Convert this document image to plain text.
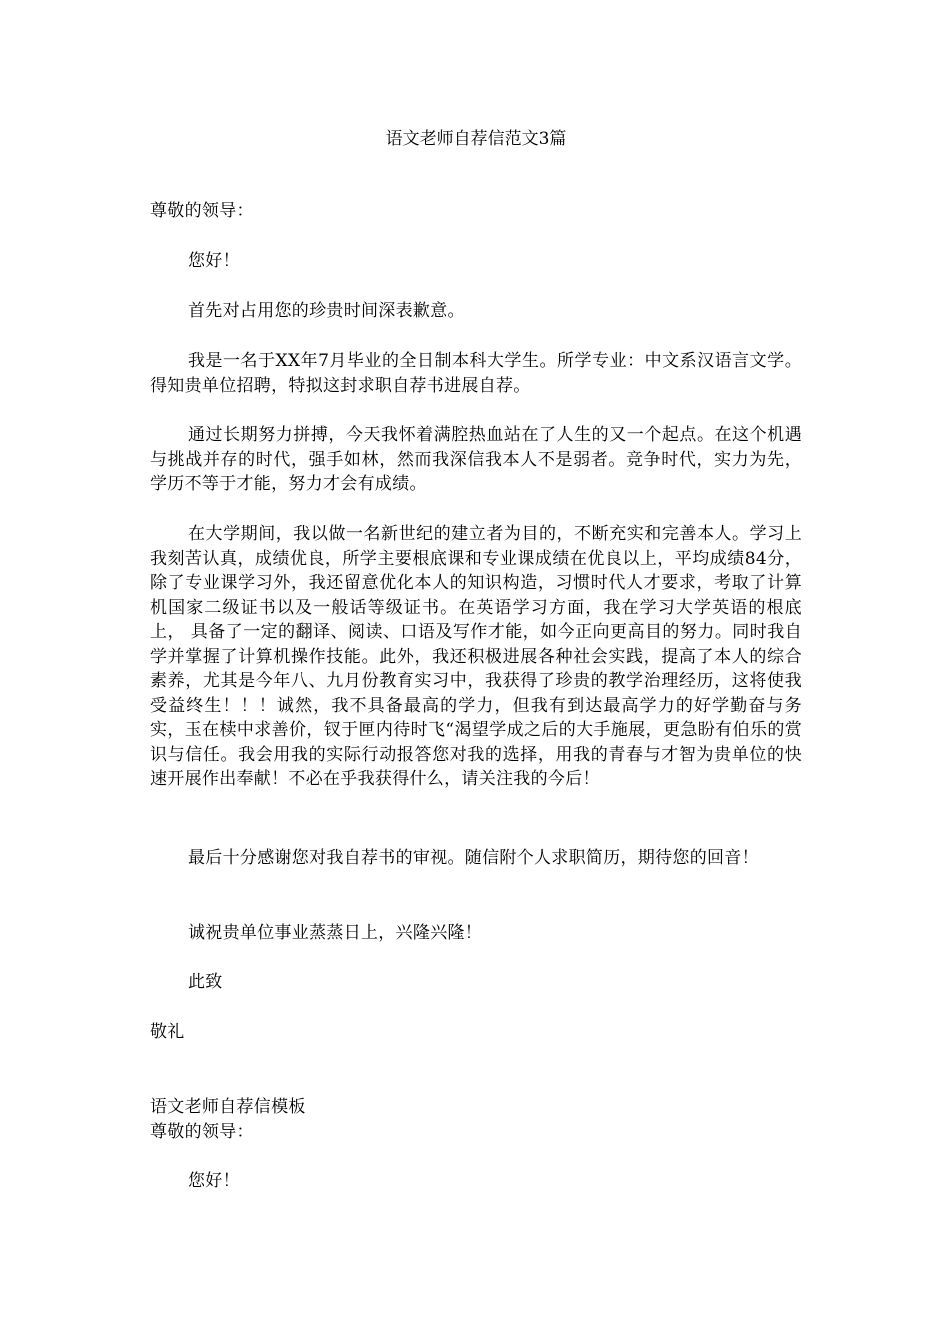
语文老师自荐信范文3篇

尊敬的领导：

您好！

首先对占用您的珍贵时间深表歉意。

我是一名于XX年7月毕业的全日制本科大学生。所学专业：中文系汉语言文学。得知贵单位招聘，特拟这封求职自荐书进展自荐。

通过长期努力拼搏，今天我怀着满腔热血站在了人生的又一个起点。在这个机遇与挑战并存的时代，强手如林，然而我深信我本人不是弱者。竞争时代，实力为先，学历不等于才能，努力才会有成绩。

在大学期间，我以做一名新世纪的建立者为目的，不断充实和完善本人。学习上我刻苦认真，成绩优良，所学主要根底课和专业课成绩在优良以上，平均成绩84分，除了专业课学习外，我还留意优化本人的知识构造，习惯时代人才要求，考取了计算机国家二级证书以及一般话等级证书。在英语学习方面，我在学习大学英语的根底上， 具备了一定的翻译、阅读、口语及写作才能，如今正向更高目的努力。同时我自学并掌握了计算机操作技能。此外，我还积极进展各种社会实践，提高了本人的综合素养，尤其是今年八、九月份教育实习中，我获得了珍贵的教学治理经历，这将使我受益终生！！！诚然，我不具备最高的学力，但我有到达最高学力的好学勤奋与务实，玉在椟中求善价，钗于匣内待时飞“渴望学成之后的大手施展，更急盼有伯乐的赏识与信任。我会用我的实际行动报答您对我的选择，用我的青春与才智为贵单位的快速开展作出奉献！不必在乎我获得什么，请关注我的今后！

最后十分感谢您对我自荐书的审视。随信附个人求职简历，期待您的回音！

诚祝贵单位事业蒸蒸日上，兴隆兴隆！

此致

敬礼

语文老师自荐信模板

尊敬的领导：

您好！
